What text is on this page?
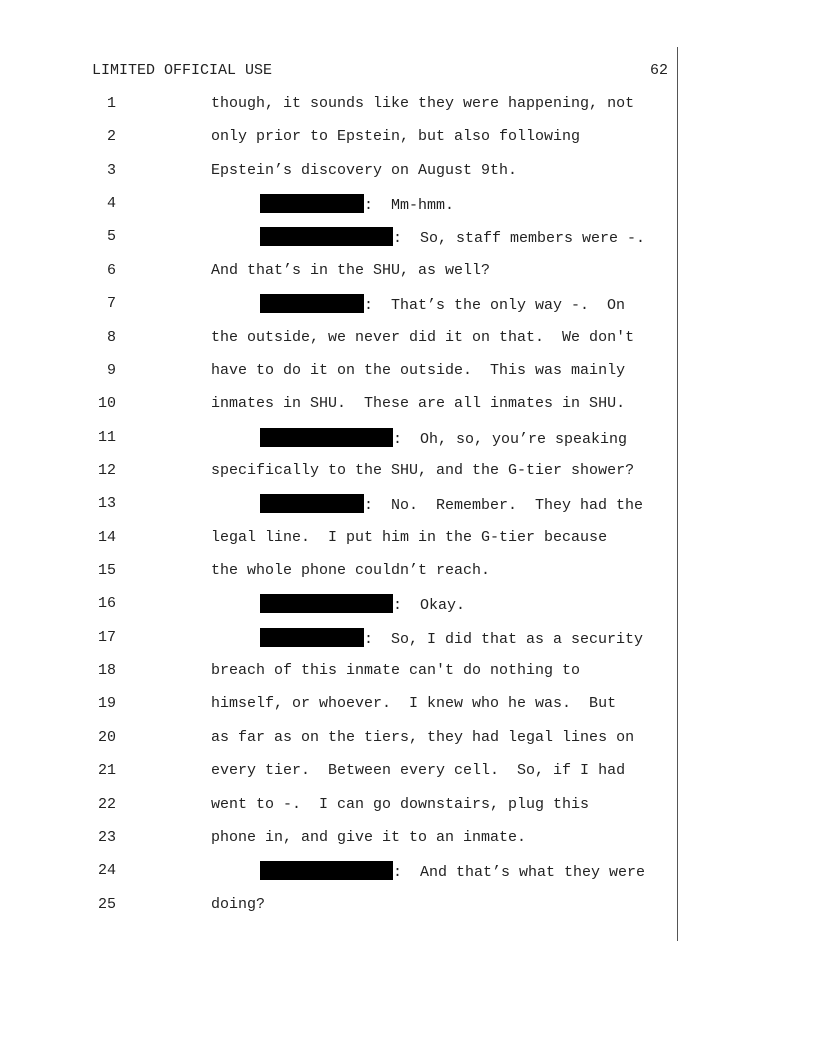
LIMITED OFFICIAL USE

	62

1	though, it sounds like they were happening, not
2	only prior to Epstein, but also following
3	Epstein’s discovery on August 9th.
4	:  Mm-hmm.
5	:  So, staff members were -.
6	And that’s in the SHU, as well?
7	:  That’s the only way -.  On
8	the outside, we never did it on that.  We don't
9	have to do it on the outside.  This was mainly
10	inmates in SHU.  These are all inmates in SHU.
11	:  Oh, so, you’re speaking
12	specifically to the SHU, and the G-tier shower?
13	:  No.  Remember.  They had the
14	legal line.  I put him in the G-tier because
15	the whole phone couldn’t reach.
16	:  Okay.
17	:  So, I did that as a security
18	breach of this inmate can't do nothing to
19	himself, or whoever.  I knew who he was.  But
20	as far as on the tiers, they had legal lines on
21	every tier.  Between every cell.  So, if I had
22	went to -.  I can go downstairs, plug this
23	phone in, and give it to an inmate.
24	:  And that’s what they were
25	doing?
